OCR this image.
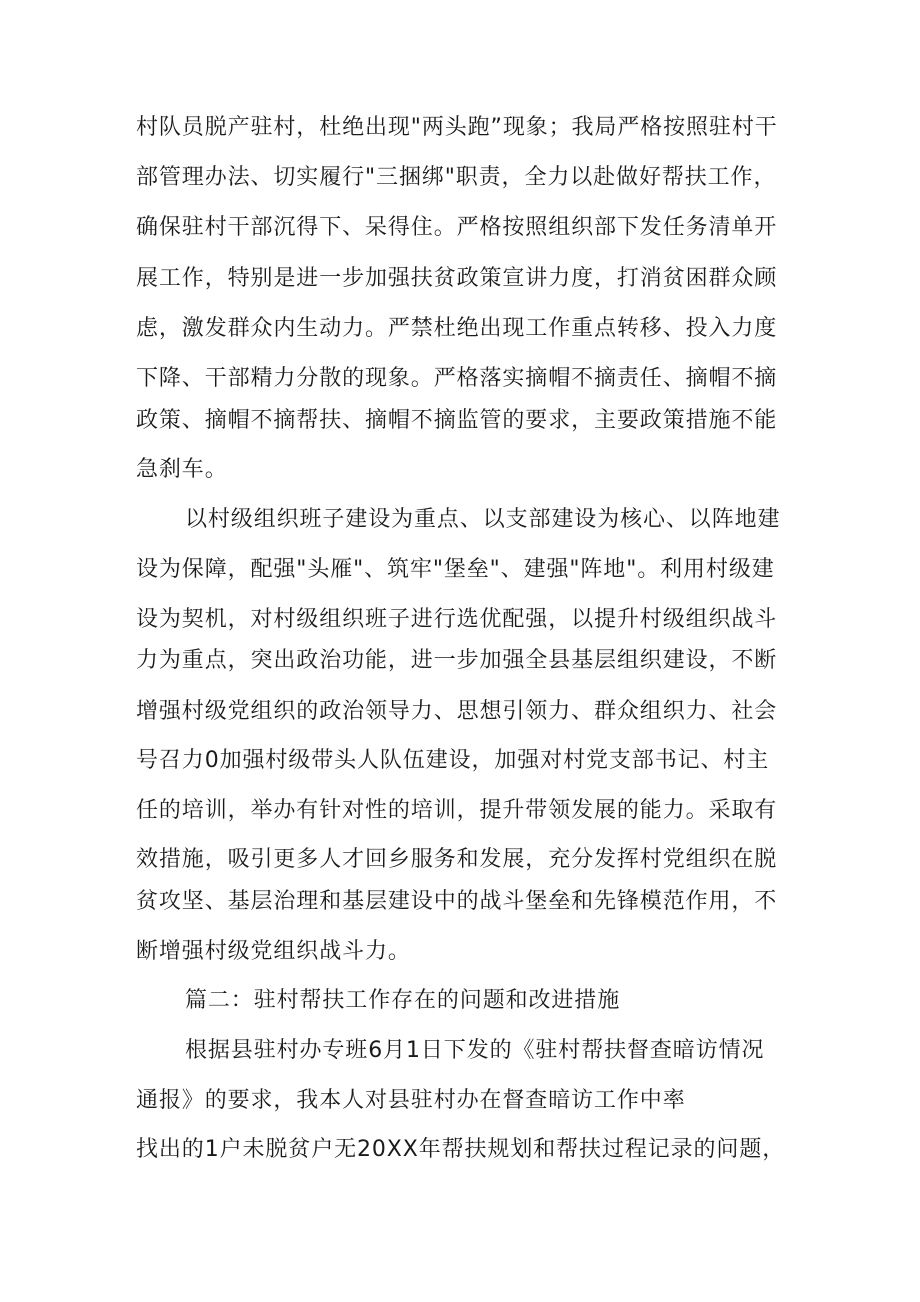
村队员脱产驻村，杜绝出现"两头跑”现象；我局严格按照驻村干
部管理办法、切实履行"三捆绑"职责，全力以赴做好帮扶工作，
确保驻村干部沉得下、呆得住。严格按照组织部下发任务清单开
展工作，特别是进一步加强扶贫政策宣讲力度，打消贫困群众顾
虑，激发群众内生动力。严禁杜绝出现工作重点转移、投入力度
下降、干部精力分散的现象。严格落实摘帽不摘责任、摘帽不摘
政策、摘帽不摘帮扶、摘帽不摘监管的要求，主要政策措施不能
急刹车。
以村级组织班子建设为重点、以支部建设为核心、以阵地建
设为保障，配强"头雁"、筑牢"堡垒"、建强"阵地"。利用村级建
设为契机，对村级组织班子进行选优配强，以提升村级组织战斗
力为重点，突出政治功能，进一步加强全县基层组织建设，不断
增强村级党组织的政治领导力、思想引领力、群众组织力、社会
号召力0加强村级带头人队伍建设，加强对村党支部书记、村主
任的培训，举办有针对性的培训，提升带领发展的能力。采取有
效措施，吸引更多人才回乡服务和发展，充分发挥村党组织在脱
贫攻坚、基层治理和基层建设中的战斗堡垒和先锋模范作用，不
断增强村级党组织战斗力。
篇二：驻村帮扶工作存在的问题和改进措施
根据县驻村办专班6月1日下发的《驻村帮扶督查暗访情况
通报》的要求，我本人对县驻村办在督查暗访工作中率
找出的1户未脱贫户无20XX年帮扶规划和帮扶过程记录的问题，
